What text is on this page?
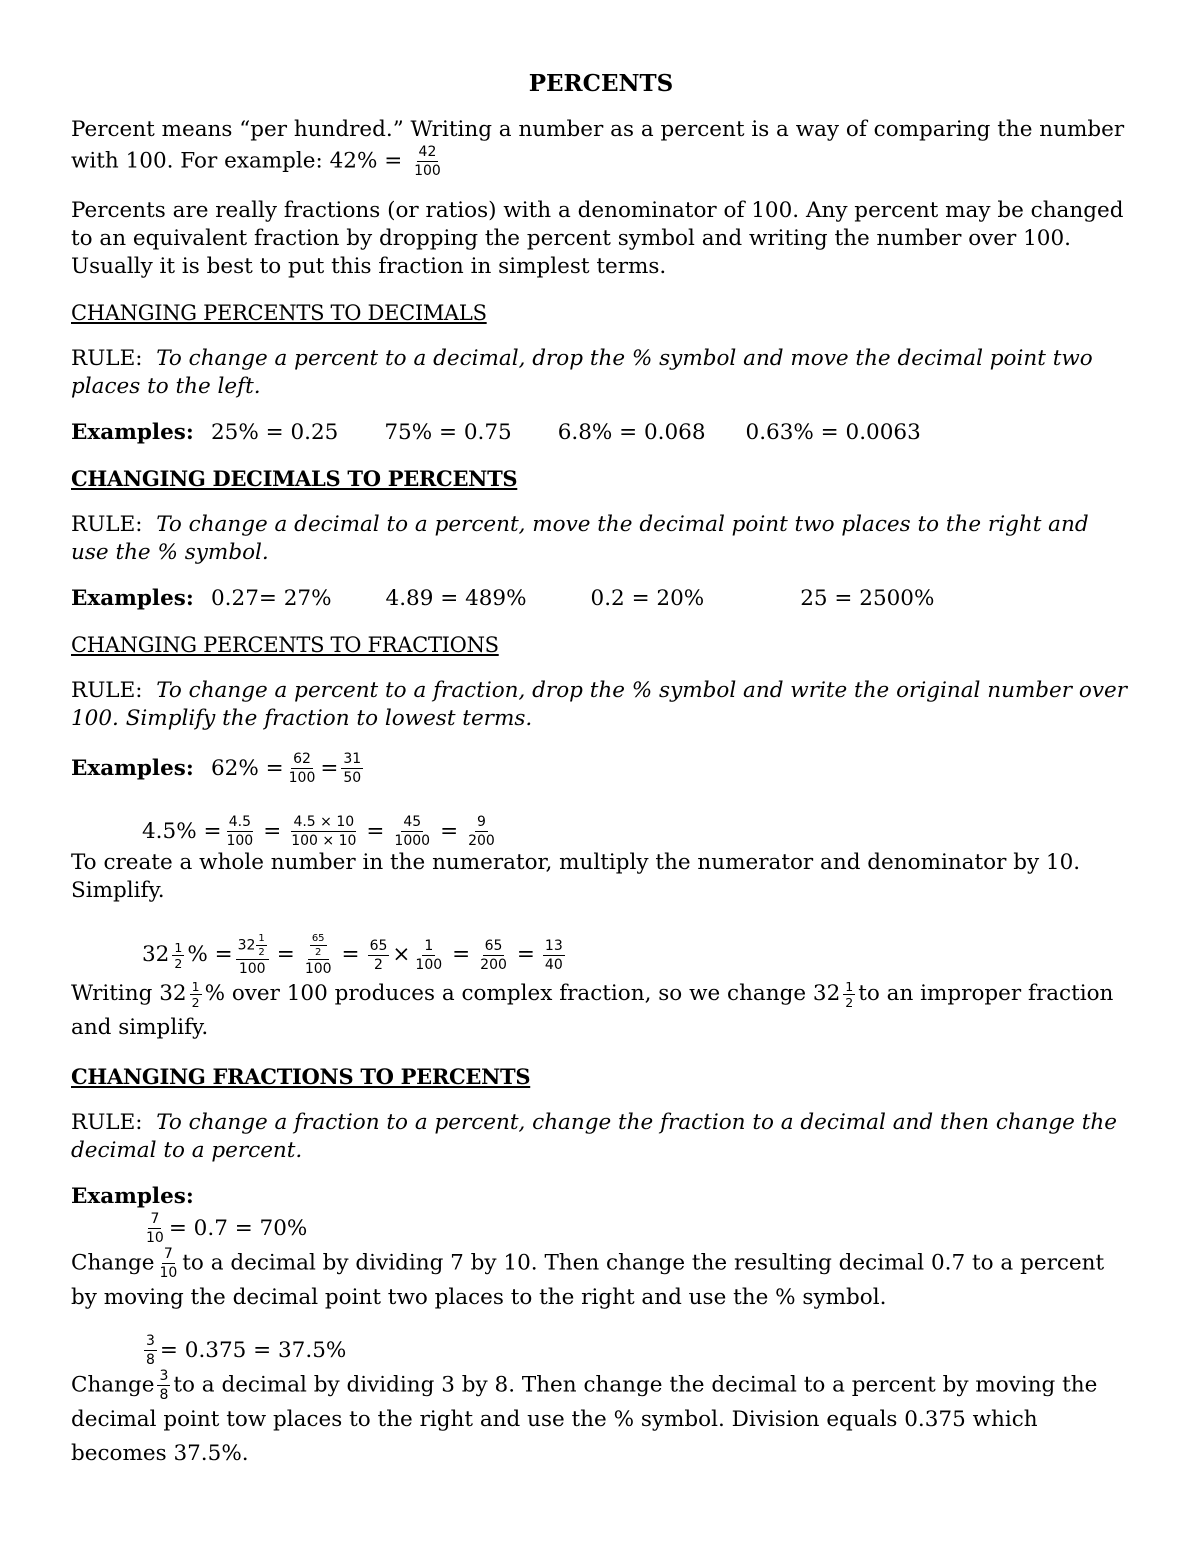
PERCENTS

Percent means “per hundred.” Writing a number as a percent is a way of comparing the number with 100. For example: $42\% = \frac{42}{100}$

Percents are really fractions (or ratios) with a denominator of 100. Any percent may be changed to an equivalent fraction by dropping the percent symbol and writing the number over 100. Usually it is best to put this fraction in simplest terms.

CHANGING PERCENTS TO DECIMALS

RULE: To change a percent to a decimal, drop the % symbol and move the decimal point two places to the left.

Examples: 25% = 0.25 75% = 0.75 6.8% = 0.068 0.63% = 0.0063
CHANGING DECIMALS TO PERCENTS

RULE: To change a decimal to a percent, move the decimal point two places to the right and use the % symbol.

Examples: 0.27= 27%	4.89 = 489%	0.2 = 20%	25 = 2500%
CHANGING PERCENTS TO FRACTIONS

RULE: To change a percent to a fraction, drop the % symbol and write the original number over 100. Simplify the fraction to lowest terms.

Examples: $62\% = \frac{62}{100} = \frac{31}{50}$
$4.5\% = \frac{4.5}{100} = \frac{4.5 \times 10}{100 \times 10} = \frac{45}{1000} = \frac{9}{200}$

To create a whole number in the numerator, multiply the numerator and denominator by 10. Simplify.

$32 \frac{1}{2}$ % = $\frac{32 \frac{1}{2}}{100} = \frac{\frac{65}{2}}{100} = \frac{65}{2} \times \frac{1}{100} = \frac{65}{200} = \frac{13}{40}$

Writing $32 \frac{1}{2}$ % over 100 produces a complex fraction, so we change $32 \frac{1}{2}$ to an improper fraction and simplify.

CHANGING FRACTIONS TO PERCENTS

RULE: To change a fraction to a percent, change the fraction to a decimal and then change the decimal to a percent.

Examples:

$\frac{7}{10} = 0.7 = 70\%$

Change $\frac{7}{10}$ to a decimal by dividing 7 by 10. Then change the resulting decimal 0.7 to a percent by moving the decimal point two places to the right and use the % symbol.

$\frac{3}{8} = 0.375 = 37.5\%$

Change $\frac{3}{8}$ to a decimal by dividing 3 by 8. Then change the decimal to a percent by moving the decimal point tow places to the right and use the % symbol. Division equals 0.375 which becomes 37.5%.
